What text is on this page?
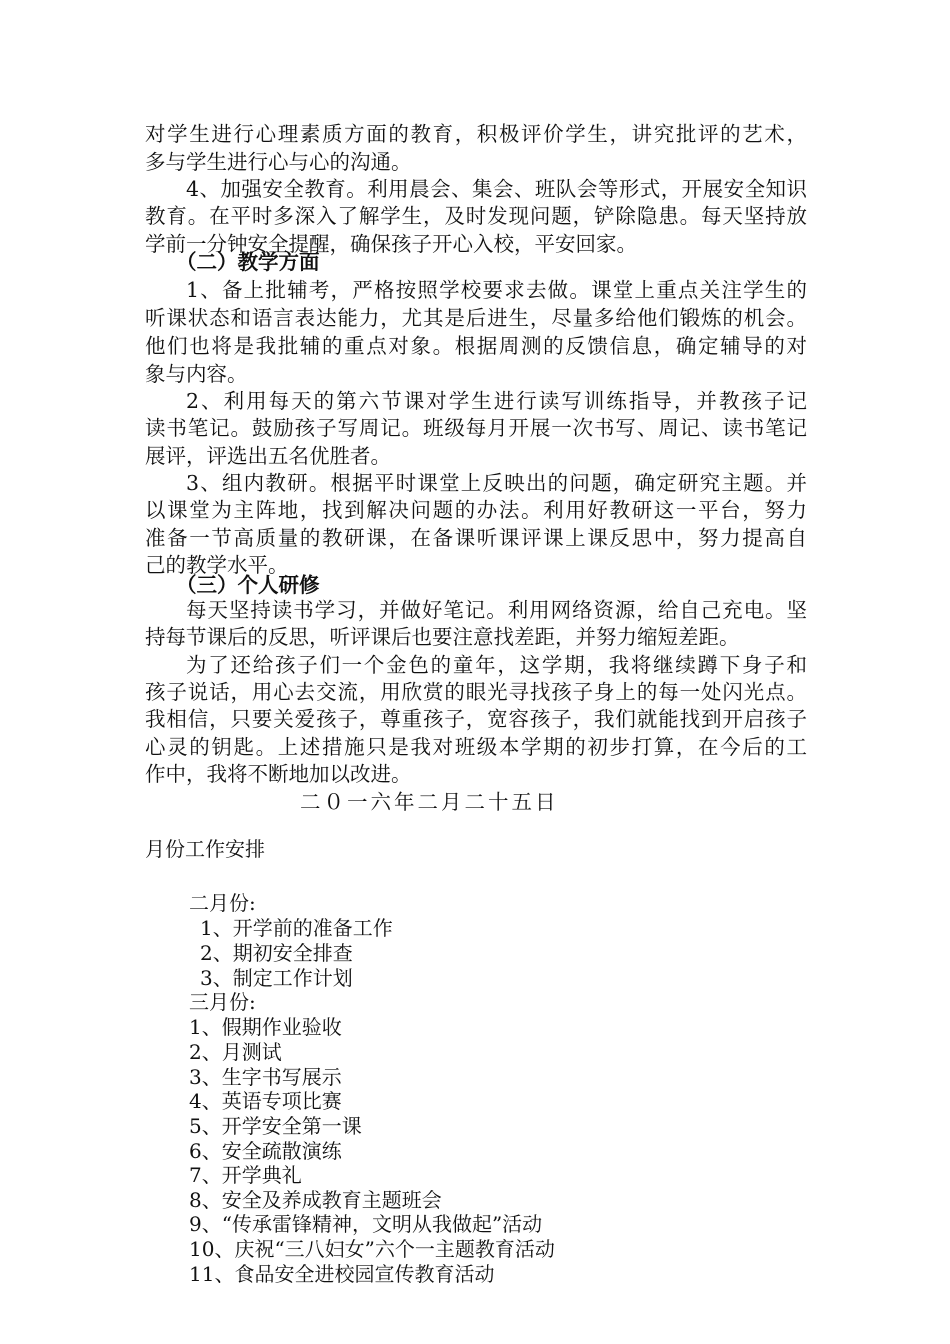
对学生进行心理素质方面的教育，积极评价学生，讲究批评的艺术，
多与学生进行心与心的沟通。
4、加强安全教育。利用晨会、集会、班队会等形式，开展安全知识
教育。在平时多深入了解学生，及时发现问题，铲除隐患。每天坚持放
学前一分钟安全提醒，确保孩子开心入校，平安回家。
（二）教学方面
1、备上批辅考，严格按照学校要求去做。课堂上重点关注学生的
听课状态和语言表达能力，尤其是后进生，尽量多给他们锻炼的机会。
他们也将是我批辅的重点对象。根据周测的反馈信息，确定辅导的对
象与内容。
2、利用每天的第六节课对学生进行读写训练指导，并教孩子记
读书笔记。鼓励孩子写周记。班级每月开展一次书写、周记、读书笔记
展评，评选出五名优胜者。
3、组内教研。根据平时课堂上反映出的问题，确定研究主题。并
以课堂为主阵地，找到解决问题的办法。利用好教研这一平台，努力
准备一节高质量的教研课，在备课听课评课上课反思中，努力提高自
己的教学水平。
（三）个人研修
每天坚持读书学习，并做好笔记。利用网络资源，给自己充电。坚
持每节课后的反思，听评课后也要注意找差距，并努力缩短差距。
为了还给孩子们一个金色的童年，这学期，我将继续蹲下身子和
孩子说话，用心去交流，用欣赏的眼光寻找孩子身上的每一处闪光点。
我相信，只要关爱孩子，尊重孩子，宽容孩子，我们就能找到开启孩子
心灵的钥匙。上述措施只是我对班级本学期的初步打算，在今后的工
作中，我将不断地加以改进。
二０一六年二月二十五日
月份工作安排
二月份:
1、开学前的准备工作
2、期初安全排查
3、制定工作计划
三月份:
1、假期作业验收
2、月测试
3、生字书写展示
4、英语专项比赛
5、开学安全第一课
6、安全疏散演练
7、开学典礼
8、安全及养成教育主题班会
9、“传承雷锋精神，文明从我做起”活动
10、庆祝“三八妇女”六个一主题教育活动
11、食品安全进校园宣传教育活动
